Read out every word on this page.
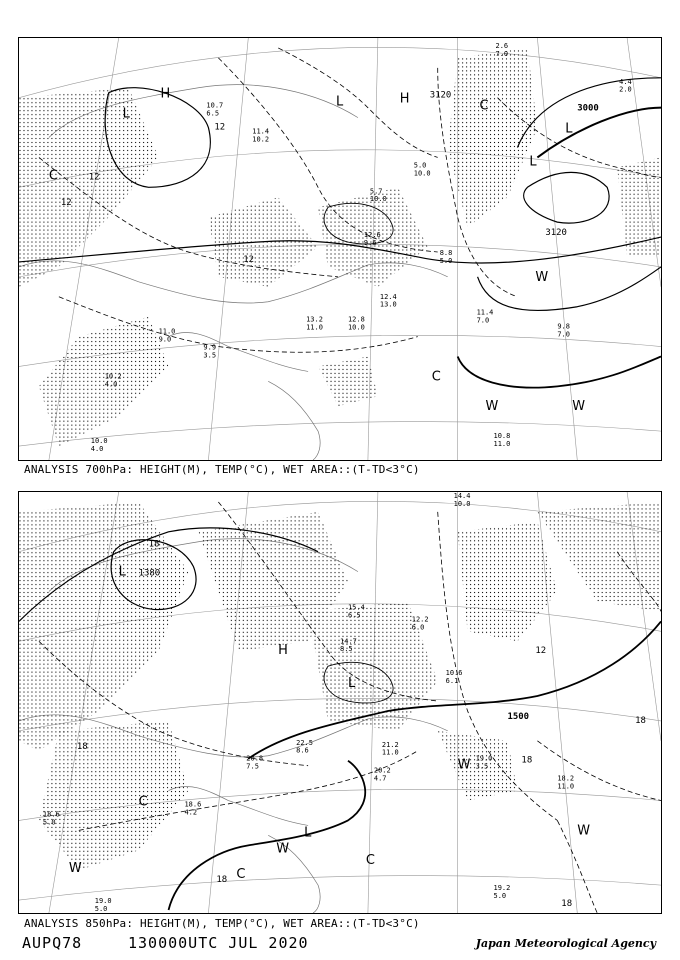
3120
3000
3120
12
12
12
12
H
L
H
L
L
L
C
C
W
W	W
C
12.6
9.6
11.4
10.2
10.7
6.5
5.7
10.0
8.8
5.0
12.4
13.0
12.8
10.0
11.4
7.0
9.8
7.0
11.0
9.0
9.9
3.5
10.8
11.0
10.0
4.0
10.2
4.0
13.2
11.0
2.6
7.0
4.4
2.0
5.0
10.0
ANALYSIS 700hPa: HEIGHT(M), TEMP(°C), WET AREA::(T-TD<3°C)
1380
1500
18
18
12
18
18
18
18
L
H
L
L
W
W
W
C
C
W	C
15.4
6.5
14.7
8.5
12.2
6.0
21.2
11.0
20.2
4.7
19.0
3.5
18.2
11.0
19.2
5.0
18.6
4.2
19.0
5.0
14.4
10.0
10.6
6.1
22.5
8.6
18.6
5.0
20.8
7.5
ANALYSIS 850hPa: HEIGHT(M), TEMP(°C), WET AREA::(T-TD<3°C)
AUPQ78	130000UTC JUL 2020	Japan Meteorological Agency
